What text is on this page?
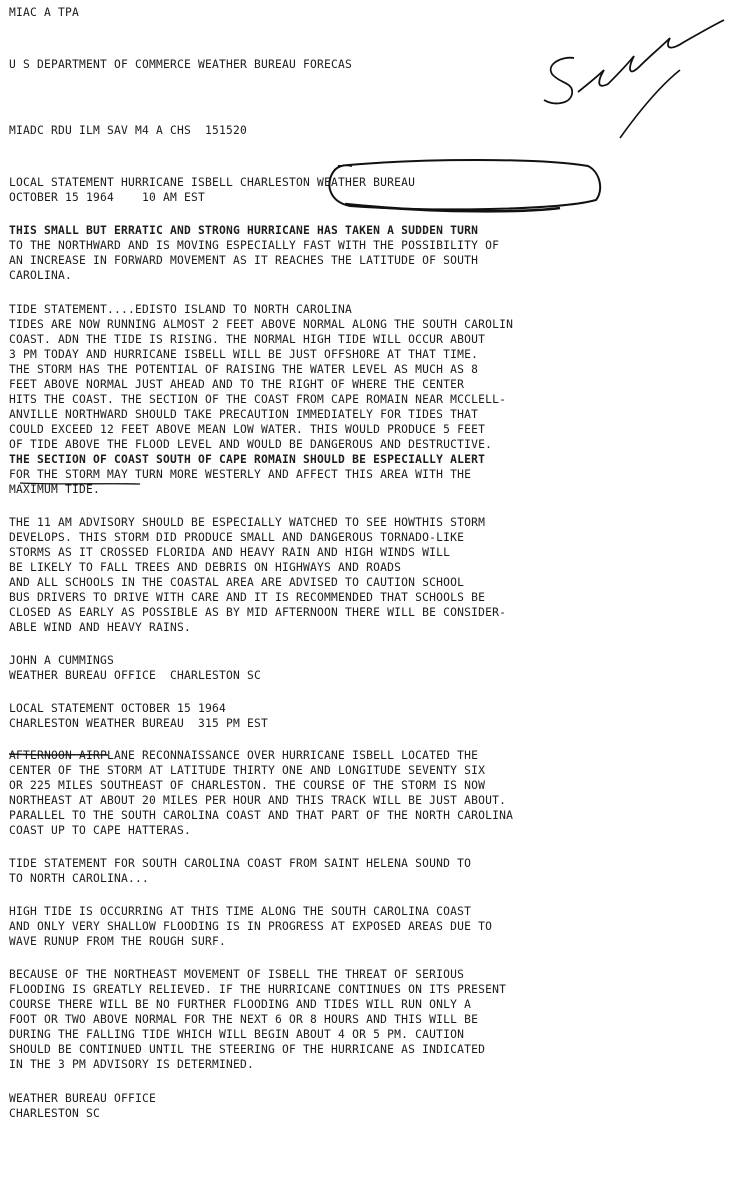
MIAC A TPA

U S DEPARTMENT OF COMMERCE WEATHER BUREAU FORECAS

MIADC RDU ILM SAV M4 A CHS  151520

LOCAL STATEMENT HURRICANE ISBELL CHARLESTON WEATHER BUREAU

OCTOBER 15 1964    10 AM EST

THIS SMALL BUT ERRATIC AND STRONG HURRICANE HAS TAKEN A SUDDEN TURN

TO THE NORTHWARD AND IS MOVING ESPECIALLY FAST WITH THE POSSIBILITY OF

AN INCREASE IN FORWARD MOVEMENT AS IT REACHES THE LATITUDE OF SOUTH

CAROLINA.

TIDE STATEMENT....EDISTO ISLAND TO NORTH CAROLINA

TIDES ARE NOW RUNNING ALMOST 2 FEET ABOVE NORMAL ALONG THE SOUTH CAROLIN

COAST. ADN THE TIDE IS RISING. THE NORMAL HIGH TIDE WILL OCCUR ABOUT

3 PM TODAY AND HURRICANE ISBELL WILL BE JUST OFFSHORE AT THAT TIME.

THE STORM HAS THE POTENTIAL OF RAISING THE WATER LEVEL AS MUCH AS 8

FEET ABOVE NORMAL JUST AHEAD AND TO THE RIGHT OF WHERE THE CENTER

HITS THE COAST. THE SECTION OF THE COAST FROM CAPE ROMAIN NEAR MCCLELL-

ANVILLE NORTHWARD SHOULD TAKE PRECAUTION IMMEDIATELY FOR TIDES THAT

COULD EXCEED 12 FEET ABOVE MEAN LOW WATER. THIS WOULD PRODUCE 5 FEET

OF TIDE ABOVE THE FLOOD LEVEL AND WOULD BE DANGEROUS AND DESTRUCTIVE.

THE SECTION OF COAST SOUTH OF CAPE ROMAIN SHOULD BE ESPECIALLY ALERT

FOR THE STORM MAY TURN MORE WESTERLY AND AFFECT THIS AREA WITH THE

MAXIMUM TIDE.

THE 11 AM ADVISORY SHOULD BE ESPECIALLY WATCHED TO SEE HOWTHIS STORM

DEVELOPS. THIS STORM DID PRODUCE SMALL AND DANGEROUS TORNADO-LIKE

STORMS AS IT CROSSED FLORIDA AND HEAVY RAIN AND HIGH WINDS WILL

BE LIKELY TO FALL TREES AND DEBRIS ON HIGHWAYS AND ROADS

AND ALL SCHOOLS IN THE COASTAL AREA ARE ADVISED TO CAUTION SCHOOL

BUS DRIVERS TO DRIVE WITH CARE AND IT IS RECOMMENDED THAT SCHOOLS BE

CLOSED AS EARLY AS POSSIBLE AS BY MID AFTERNOON THERE WILL BE CONSIDER-

ABLE WIND AND HEAVY RAINS.

JOHN A CUMMINGS

WEATHER BUREAU OFFICE  CHARLESTON SC

LOCAL STATEMENT OCTOBER 15 1964

CHARLESTON WEATHER BUREAU  315 PM EST

AFTERNOON AIRPLANE RECONNAISSANCE OVER HURRICANE ISBELL LOCATED THE

CENTER OF THE STORM AT LATITUDE THIRTY ONE AND LONGITUDE SEVENTY SIX

OR 225 MILES SOUTHEAST OF CHARLESTON. THE COURSE OF THE STORM IS NOW

NORTHEAST AT ABOUT 20 MILES PER HOUR AND THIS TRACK WILL BE JUST ABOUT.

PARALLEL TO THE SOUTH CAROLINA COAST AND THAT PART OF THE NORTH CAROLINA

COAST UP TO CAPE HATTERAS.

TIDE STATEMENT FOR SOUTH CAROLINA COAST FROM SAINT HELENA SOUND TO

TO NORTH CAROLINA...

HIGH TIDE IS OCCURRING AT THIS TIME ALONG THE SOUTH CAROLINA COAST

AND ONLY VERY SHALLOW FLOODING IS IN PROGRESS AT EXPOSED AREAS DUE TO

WAVE RUNUP FROM THE ROUGH SURF.

BECAUSE OF THE NORTHEAST MOVEMENT OF ISBELL THE THREAT OF SERIOUS

FLOODING IS GREATLY RELIEVED. IF THE HURRICANE CONTINUES ON ITS PRESENT

COURSE THERE WILL BE NO FURTHER FLOODING AND TIDES WILL RUN ONLY A

FOOT OR TWO ABOVE NORMAL FOR THE NEXT 6 OR 8 HOURS AND THIS WILL BE

DURING THE FALLING TIDE WHICH WILL BEGIN ABOUT 4 OR 5 PM. CAUTION

SHOULD BE CONTINUED UNTIL THE STEERING OF THE HURRICANE AS INDICATED

IN THE 3 PM ADVISORY IS DETERMINED.

WEATHER BUREAU OFFICE

CHARLESTON SC
